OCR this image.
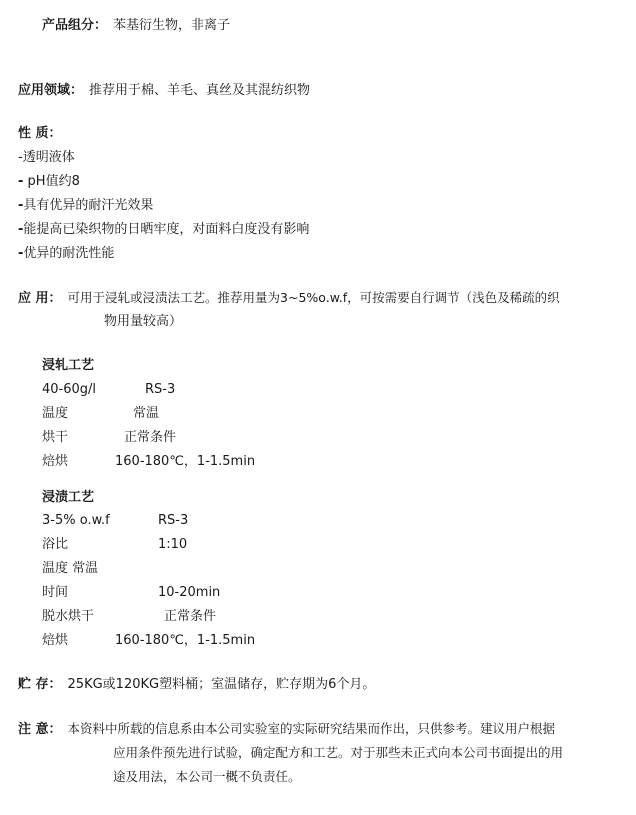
产品组分： 苯基衍生物，非离子
应用领域： 推荐用于棉、羊毛、真丝及其混纺织物
性 质：
-透明液体
- pH值约8
-具有优异的耐汗光效果
-能提高已染织物的日晒牢度，对面料白度没有影响
-优异的耐洗性能
应 用： 可用于浸轧或浸渍法工艺。推荐用量为3~5%o.w.f，可按需要自行调节（浅色及稀疏的织
物用量较高）
浸轧工艺
40-60g/l	RS-3
温度	常温
烘干	正常条件
焙烘	160-180℃，1-1.5min
浸渍工艺
3-5% o.w.f	RS-3
浴比	1:10
温度 常温
时间	10-20min
脱水烘干	正常条件
焙烘	160-180℃，1-1.5min
贮 存： 25KG或120KG塑料桶；室温储存，贮存期为6个月。
注 意： 本资料中所载的信息系由本公司实验室的实际研究结果而作出，只供参考。建议用户根据
应用条件预先进行试验，确定配方和工艺。对于那些未正式向本公司书面提出的用
途及用法，本公司一概不负责任。
